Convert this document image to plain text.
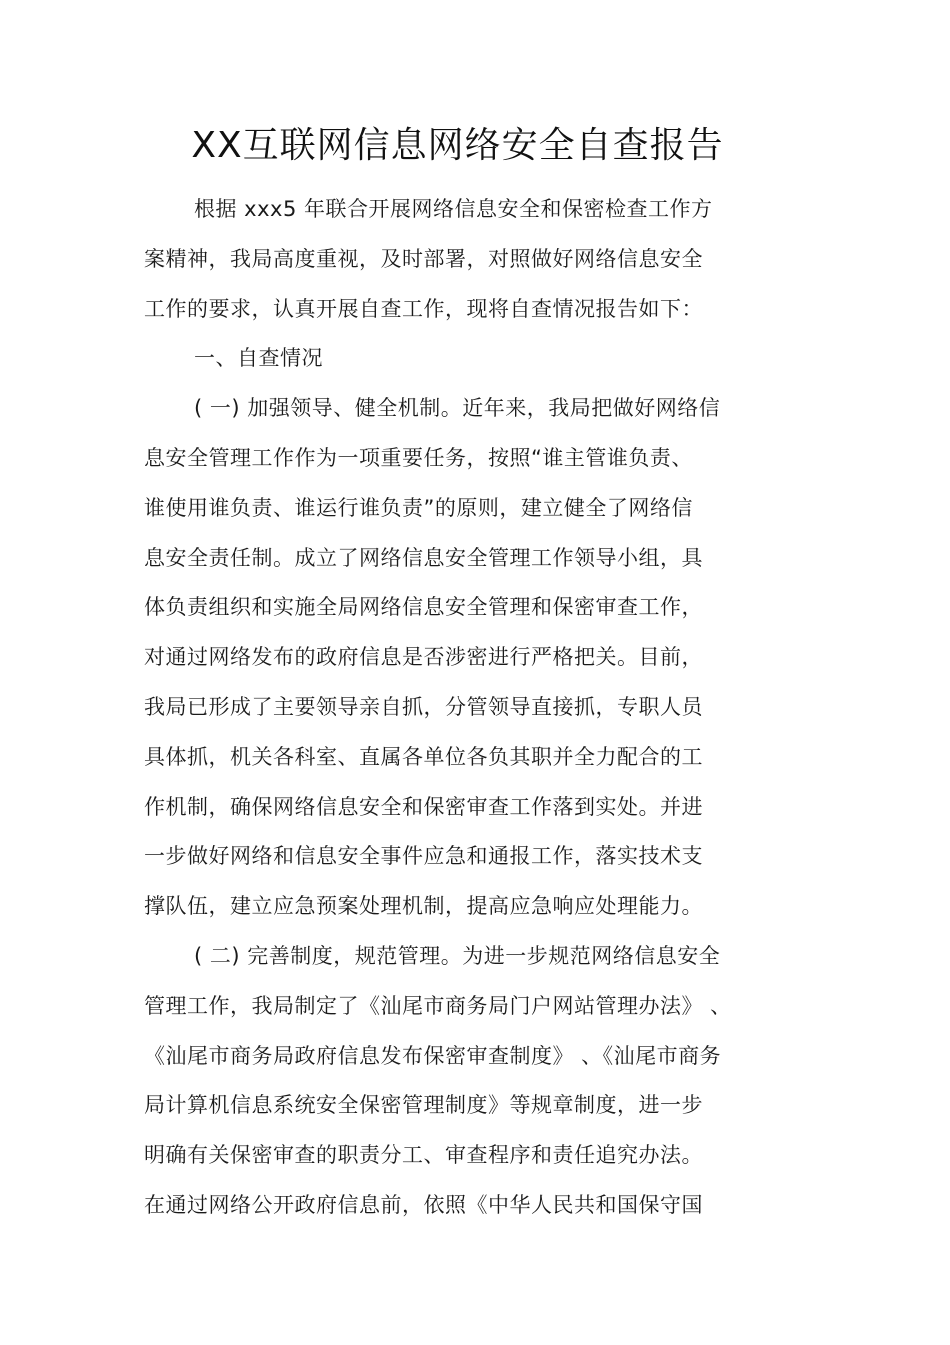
XX互联网信息网络安全自查报告
根据 xxx5 年联合开展网络信息安全和保密检查工作方
案精神，我局高度重视，及时部署，对照做好网络信息安全
工作的要求，认真开展自查工作，现将自查情况报告如下：
一、自查情况
( 一) 加强领导、健全机制。近年来，我局把做好网络信
息安全管理工作作为一项重要任务，按照“谁主管谁负责、
谁使用谁负责、谁运行谁负责”的原则，建立健全了网络信
息安全责任制。成立了网络信息安全管理工作领导小组，具
体负责组织和实施全局网络信息安全管理和保密审查工作，
对通过网络发布的政府信息是否涉密进行严格把关。目前，
我局已形成了主要领导亲自抓，分管领导直接抓，专职人员
具体抓，机关各科室、直属各单位各负其职并全力配合的工
作机制，确保网络信息安全和保密审查工作落到实处。并进
一步做好网络和信息安全事件应急和通报工作，落实技术支
撑队伍，建立应急预案处理机制，提高应急响应处理能力。
( 二) 完善制度，规范管理。为进一步规范网络信息安全
管理工作，我局制定了《汕尾市商务局门户网站管理办法》 、
《汕尾市商务局政府信息发布保密审查制度》 、《汕尾市商务
局计算机信息系统安全保密管理制度》等规章制度，进一步
明确有关保密审查的职责分工、审查程序和责任追究办法。
在通过网络公开政府信息前，依照《中华人民共和国保守国
